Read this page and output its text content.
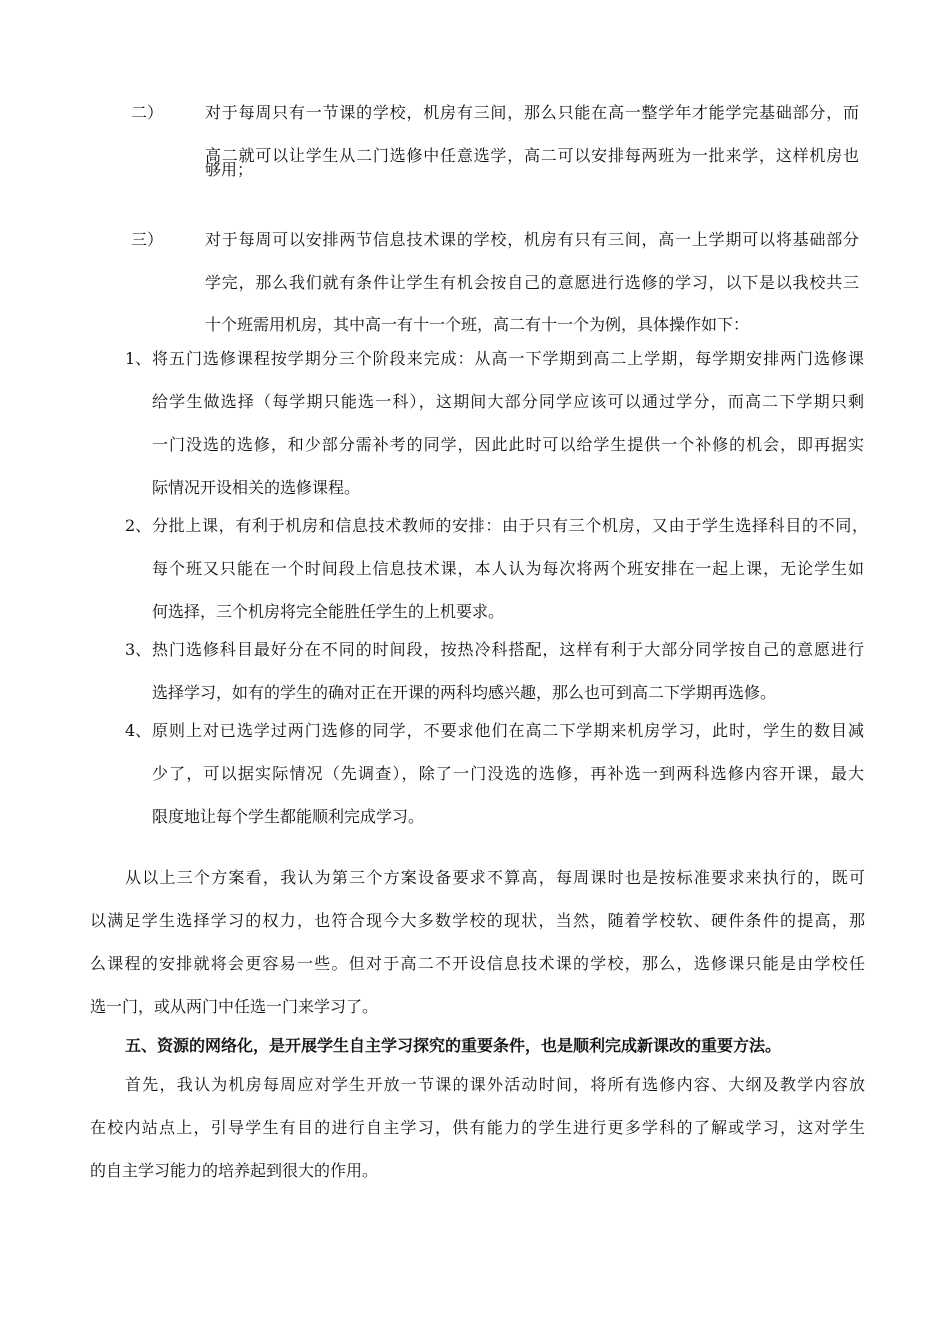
二）	对于每周只有一节课的学校，机房有三间，那么只能在高一整学年才能学完基础部分，而
高二就可以让学生从二门选修中任意选学，高二可以安排每两班为一批来学，这样机房也
够用；
三）	对于每周可以安排两节信息技术课的学校，机房有只有三间，高一上学期可以将基础部分
学完，那么我们就有条件让学生有机会按自己的意愿进行选修的学习，以下是以我校共三
十个班需用机房，其中高一有十一个班，高二有十一个为例，具体操作如下：
1、 将五门选修课程按学期分三个阶段来完成：从高一下学期到高二上学期，每学期安排两门选修课
给学生做选择（每学期只能选一科），这期间大部分同学应该可以通过学分，而高二下学期只剩
一门没选的选修，和少部分需补考的同学，因此此时可以给学生提供一个补修的机会，即再据实
际情况开设相关的选修课程。
2、 分批上课，有利于机房和信息技术教师的安排：由于只有三个机房，又由于学生选择科目的不同，
每个班又只能在一个时间段上信息技术课，本人认为每次将两个班安排在一起上课，无论学生如
何选择，三个机房将完全能胜任学生的上机要求。
3、 热门选修科目最好分在不同的时间段，按热冷科搭配，这样有利于大部分同学按自己的意愿进行
选择学习，如有的学生的确对正在开课的两科均感兴趣，那么也可到高二下学期再选修。
4、 原则上对已选学过两门选修的同学，不要求他们在高二下学期来机房学习，此时，学生的数目减
少了，可以据实际情况（先调查），除了一门没选的选修，再补选一到两科选修内容开课，最大
限度地让每个学生都能顺利完成学习。
从以上三个方案看，我认为第三个方案设备要求不算高，每周课时也是按标准要求来执行的，既可
以满足学生选择学习的权力，也符合现今大多数学校的现状，当然，随着学校软、硬件条件的提高，那
么课程的安排就将会更容易一些。但对于高二不开设信息技术课的学校，那么，选修课只能是由学校任
选一门，或从两门中任选一门来学习了。
五、资源的网络化，是开展学生自主学习探究的重要条件，也是顺利完成新课改的重要方法。
首先，我认为机房每周应对学生开放一节课的课外活动时间，将所有选修内容、大纲及教学内容放
在校内站点上，引导学生有目的进行自主学习，供有能力的学生进行更多学科的了解或学习，这对学生
的自主学习能力的培养起到很大的作用。
